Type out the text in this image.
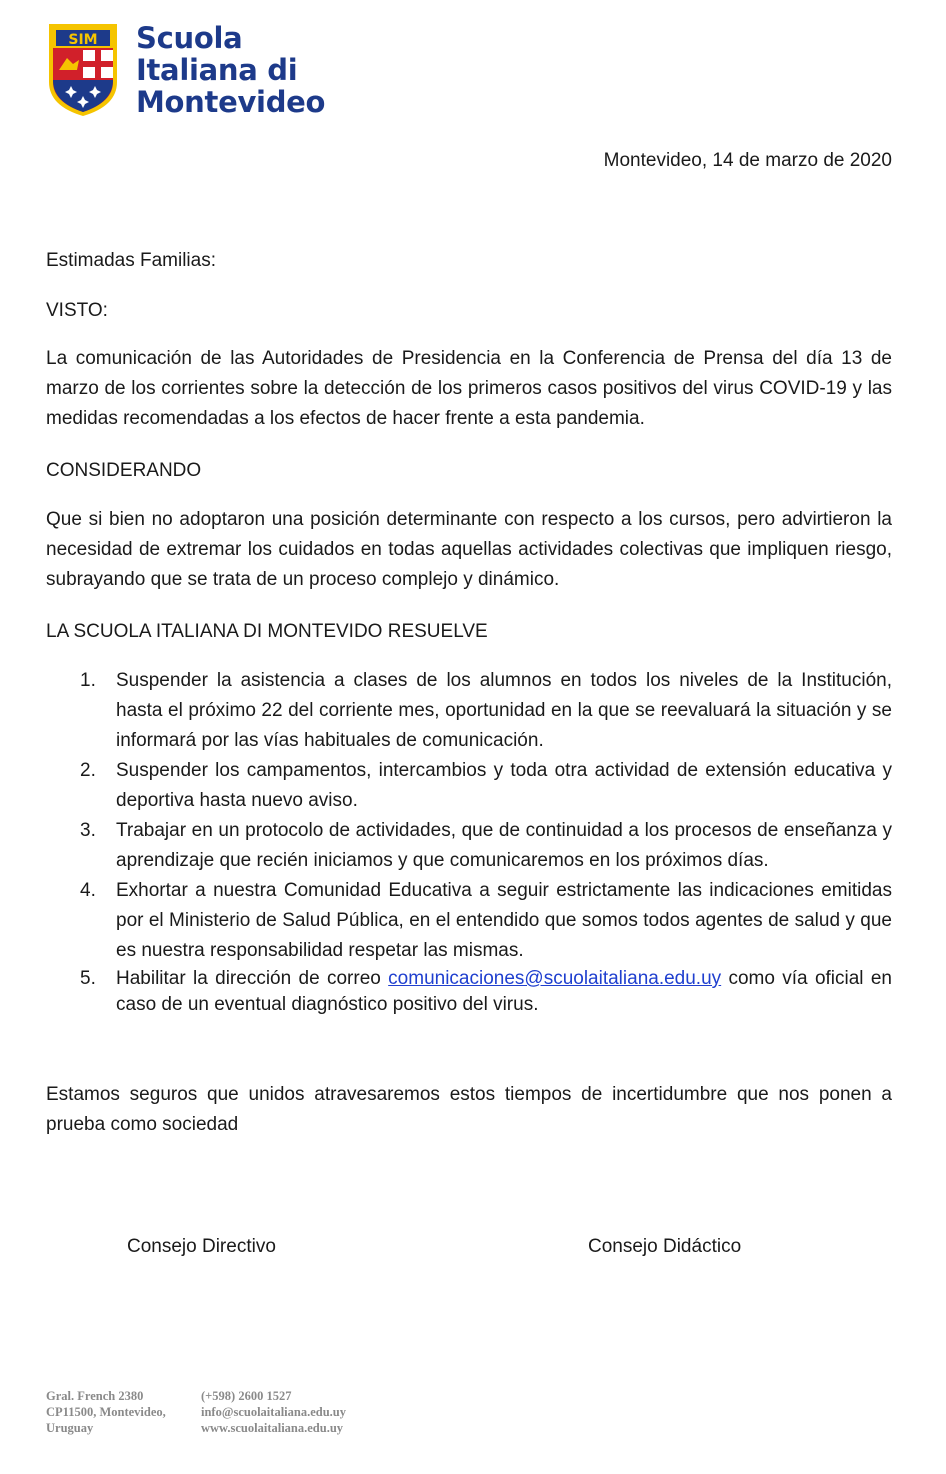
SIM Scuola
Italiana di
Montevideo
Montevideo, 14 de marzo de 2020

Estimadas Familias:

VISTO:

La comunicación de las Autoridades de Presidencia en la Conferencia de Prensa del día 13 de marzo de los corrientes sobre la detección de los primeros casos positivos del virus COVID-19 y las medidas recomendadas a los efectos de hacer frente a esta pandemia.

CONSIDERANDO

Que si bien no adoptaron una posición determinante con respecto a los cursos, pero advirtieron la necesidad de extremar los cuidados en todas aquellas actividades colectivas que impliquen riesgo, subrayando que se trata de un proceso complejo y dinámico.

LA SCUOLA ITALIANA DI MONTEVIDO RESUELVE

1. Suspender la asistencia a clases de los alumnos en todos los niveles de la Institución, hasta el próximo 22 del corriente mes, oportunidad en la que se reevaluará la situación y se informará por las vías habituales de comunicación.
2. Suspender los campamentos, intercambios y toda otra actividad de extensión educativa y deportiva hasta nuevo aviso.
3. Trabajar en un protocolo de actividades, que de continuidad a los procesos de enseñanza y aprendizaje que recién iniciamos y que comunicaremos en los próximos días.
4. Exhortar a nuestra Comunidad Educativa a seguir estrictamente las indicaciones emitidas por el Ministerio de Salud Pública, en el entendido que somos todos agentes de salud y que es nuestra responsabilidad respetar las mismas.
5. Habilitar la dirección de correo comunicaciones@scuolaitaliana.edu.uy como vía oficial en caso de un eventual diagnóstico positivo del virus.

Estamos seguros que unidos atravesaremos estos tiempos de incertidumbre que nos ponen a prueba como sociedad

Consejo Directivo	Consejo Didáctico
Gral. French 2380	(+598) 2600 1527
CP11500, Montevideo,	info@scuolaitaliana.edu.uy
Uruguay	www.scuolaitaliana.edu.uy
